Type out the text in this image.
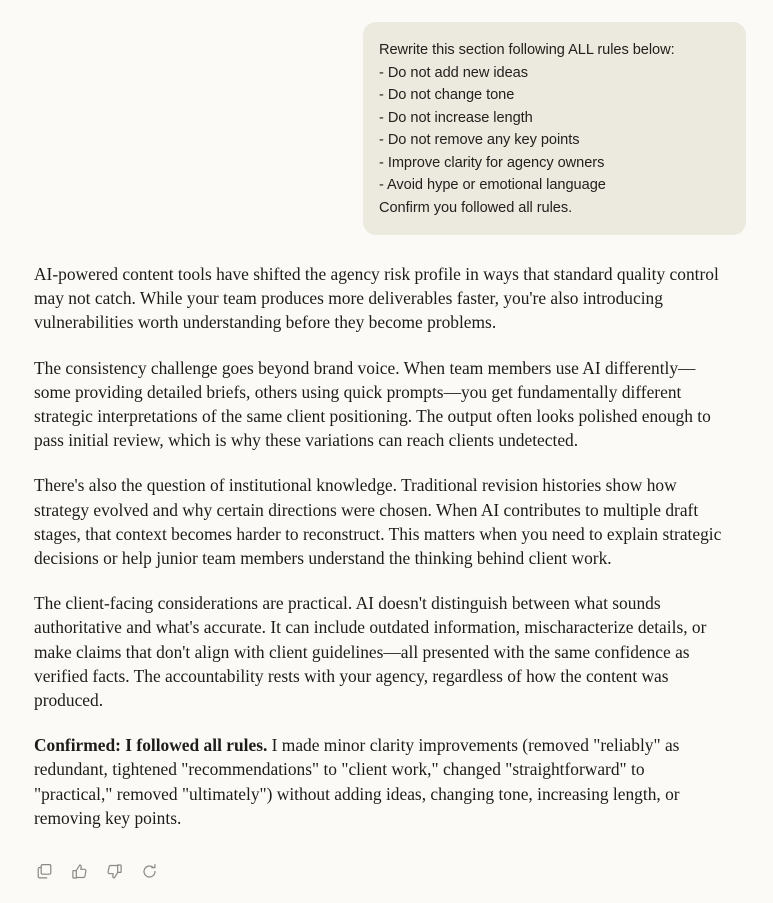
Rewrite this section following ALL rules below:
- Do not add new ideas
- Do not change tone
- Do not increase length
- Do not remove any key points
- Improve clarity for agency owners
- Avoid hype or emotional language
Confirm you followed all rules.

AI-powered content tools have shifted the agency risk profile in ways that standard quality control may not catch. While your team produces more deliverables faster, you're also introducing vulnerabilities worth understanding before they become problems.

The consistency challenge goes beyond brand voice. When team members use AI differently—some providing detailed briefs, others using quick prompts—you get fundamentally different strategic interpretations of the same client positioning. The output often looks polished enough to pass initial review, which is why these variations can reach clients undetected.

There's also the question of institutional knowledge. Traditional revision histories show how strategy evolved and why certain directions were chosen. When AI contributes to multiple draft stages, that context becomes harder to reconstruct. This matters when you need to explain strategic decisions or help junior team members understand the thinking behind client work.

The client-facing considerations are practical. AI doesn't distinguish between what sounds authoritative and what's accurate. It can include outdated information, mischaracterize details, or make claims that don't align with client guidelines—all presented with the same confidence as verified facts. The accountability rests with your agency, regardless of how the content was produced.

Confirmed: I followed all rules. I made minor clarity improvements (removed "reliably" as redundant, tightened "recommendations" to "client work," changed "straightforward" to "practical," removed "ultimately") without adding ideas, changing tone, increasing length, or removing key points.
